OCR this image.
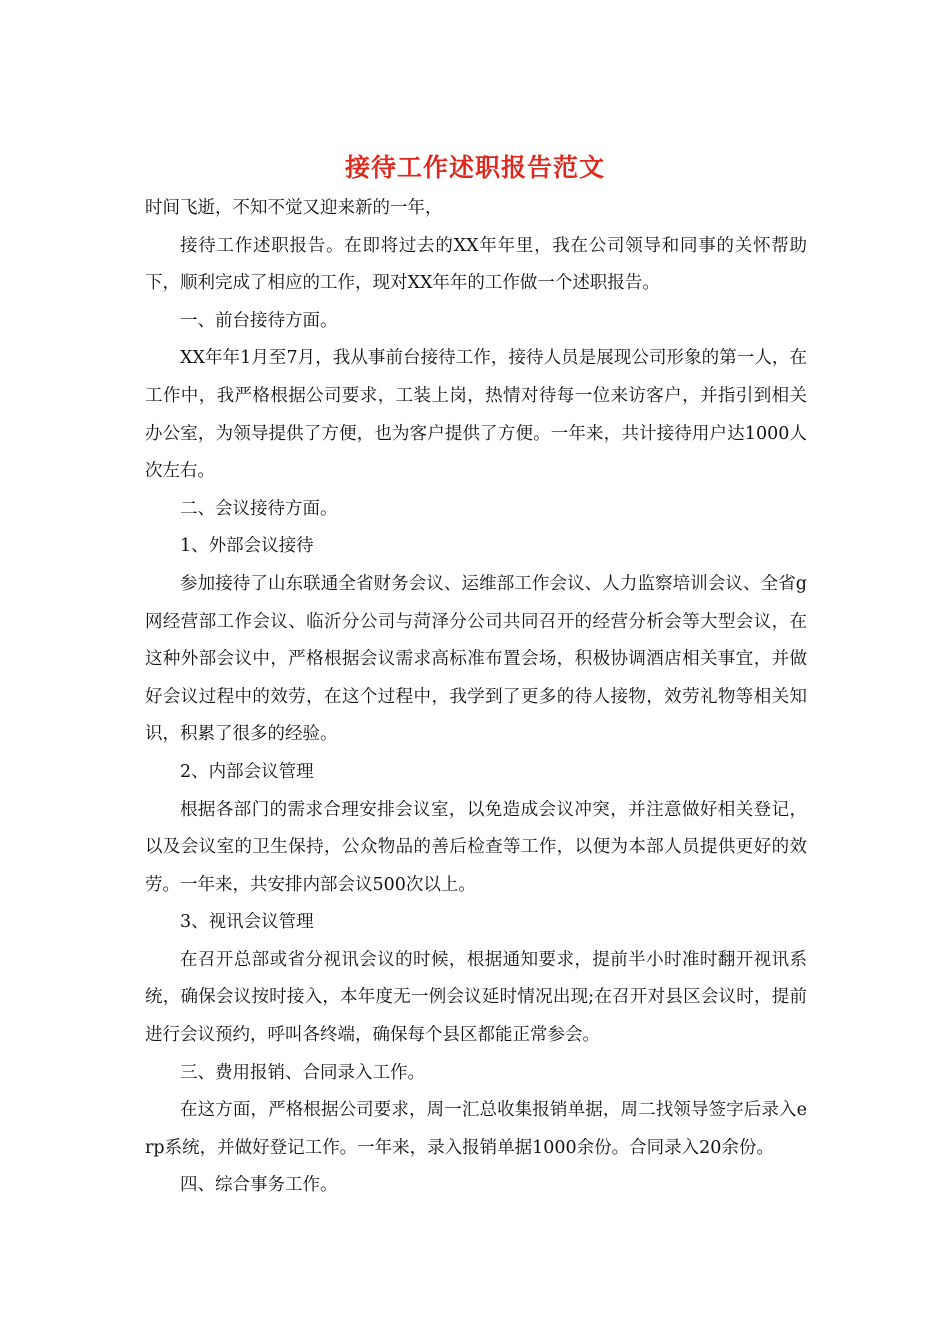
接待工作述职报告范文

时间飞逝，不知不觉又迎来新的一年，

接待工作述职报告。在即将过去的XX年年里，我在公司领导和同事的关怀帮助下，顺利完成了相应的工作，现对XX年年的工作做一个述职报告。

一、前台接待方面。

XX年年1月至7月，我从事前台接待工作，接待人员是展现公司形象的第一人，在工作中，我严格根据公司要求，工装上岗，热情对待每一位来访客户，并指引到相关办公室，为领导提供了方便，也为客户提供了方便。一年来，共计接待用户达1000人次左右。

二、会议接待方面。

1、外部会议接待

参加接待了山东联通全省财务会议、运维部工作会议、人力监察培训会议、全省g网经营部工作会议、临沂分公司与菏泽分公司共同召开的经营分析会等大型会议，在这种外部会议中，严格根据会议需求高标准布置会场，积极协调酒店相关事宜，并做好会议过程中的效劳，在这个过程中，我学到了更多的待人接物，效劳礼物等相关知识，积累了很多的经验。

2、内部会议管理

根据各部门的需求合理安排会议室，以免造成会议冲突，并注意做好相关登记，以及会议室的卫生保持，公众物品的善后检查等工作，以便为本部人员提供更好的效劳。一年来，共安排内部会议500次以上。

3、视讯会议管理

在召开总部或省分视讯会议的时候，根据通知要求，提前半小时准时翻开视讯系统，确保会议按时接入，本年度无一例会议延时情况出现;在召开对县区会议时，提前进行会议预约，呼叫各终端，确保每个县区都能正常参会。

三、费用报销、合同录入工作。

在这方面，严格根据公司要求，周一汇总收集报销单据，周二找领导签字后录入erp系统，并做好登记工作。一年来，录入报销单据1000余份。合同录入20余份。

四、综合事务工作。
